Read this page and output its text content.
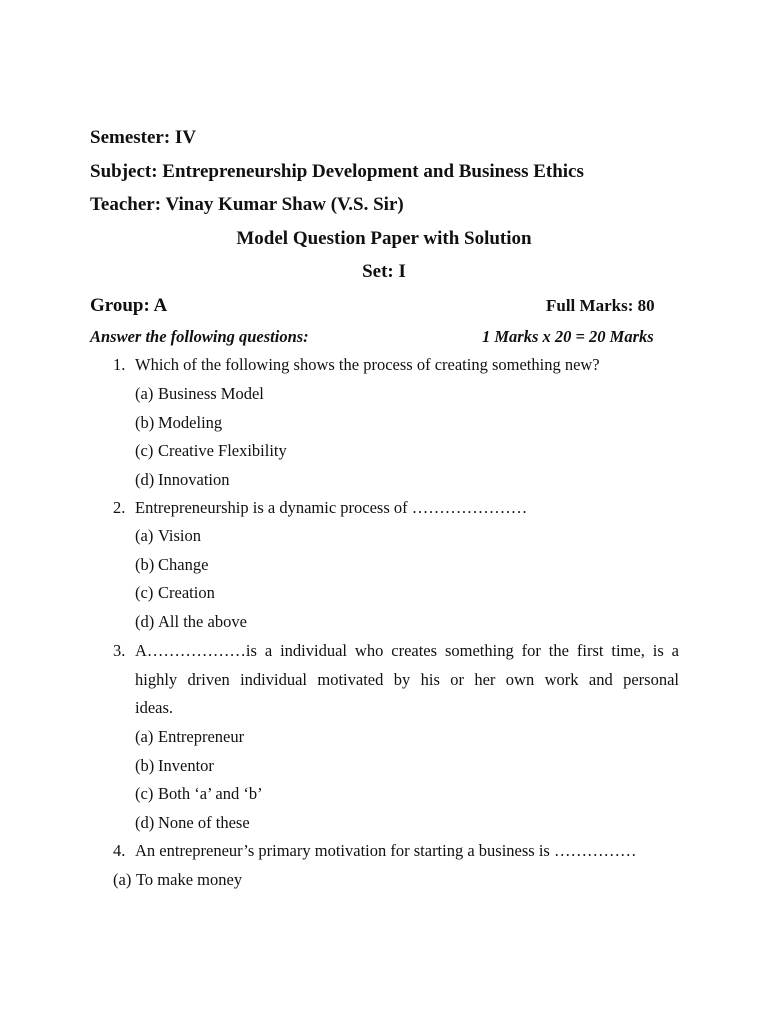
Semester: IV
Subject: Entrepreneurship Development and Business Ethics
Teacher: Vinay Kumar Shaw (V.S. Sir)
Model Question Paper with Solution
Set: I
Group: A	Full Marks: 80
Answer the following questions:	1 Marks x 20 = 20 Marks
1. Which of the following shows the process of creating something new?
(a) Business Model
(b) Modeling
(c) Creative Flexibility
(d) Innovation
2. Entrepreneurship is a dynamic process of …………………
(a) Vision
(b) Change
(c) Creation
(d) All the above
3. A………………is a individual who creates something for the first time, is a
highly driven individual motivated by his or her own work and personal
ideas.
(a) Entrepreneur
(b) Inventor
(c) Both ‘a’ and ‘b’
(d) None of these
4. An entrepreneur’s primary motivation for starting a business is ……………
(a) To make money
